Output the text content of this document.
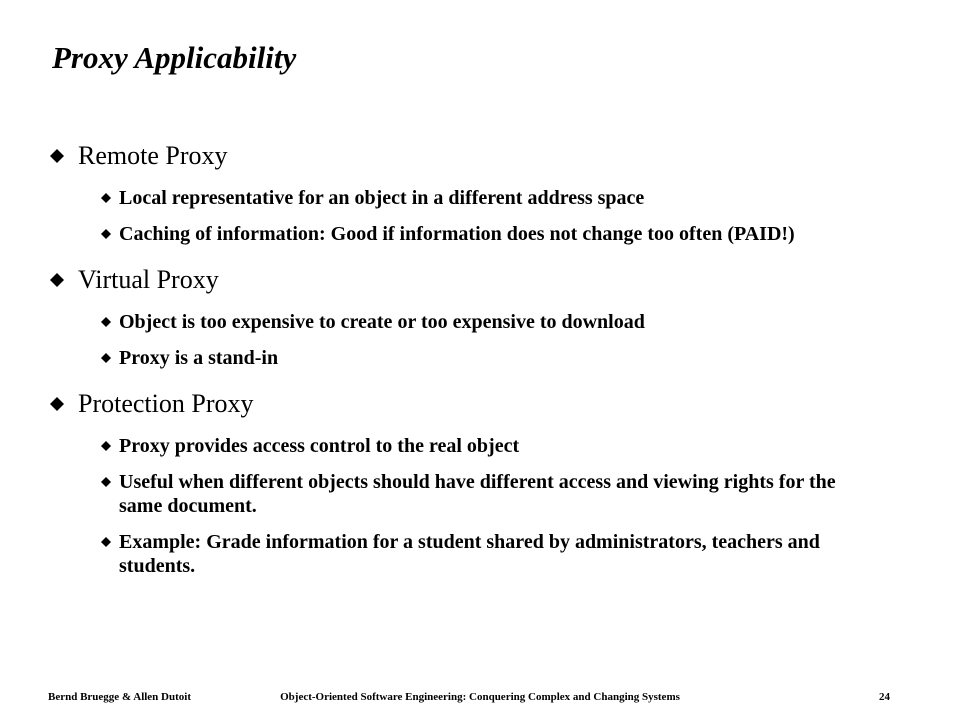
Proxy Applicability
Remote Proxy
Local representative for an object in a different address space
Caching of information: Good if information does not change too often (PAID!)
Virtual Proxy
Object is too expensive to create or too expensive to download
Proxy is a stand-in
Protection Proxy
Proxy provides access control to the real object
Useful when different objects should have different access and viewing rights for the same document.
Example: Grade information for a student shared by administrators, teachers and students.
Bernd Bruegge & Allen Dutoit	Object-Oriented Software Engineering: Conquering Complex and Changing Systems	24
